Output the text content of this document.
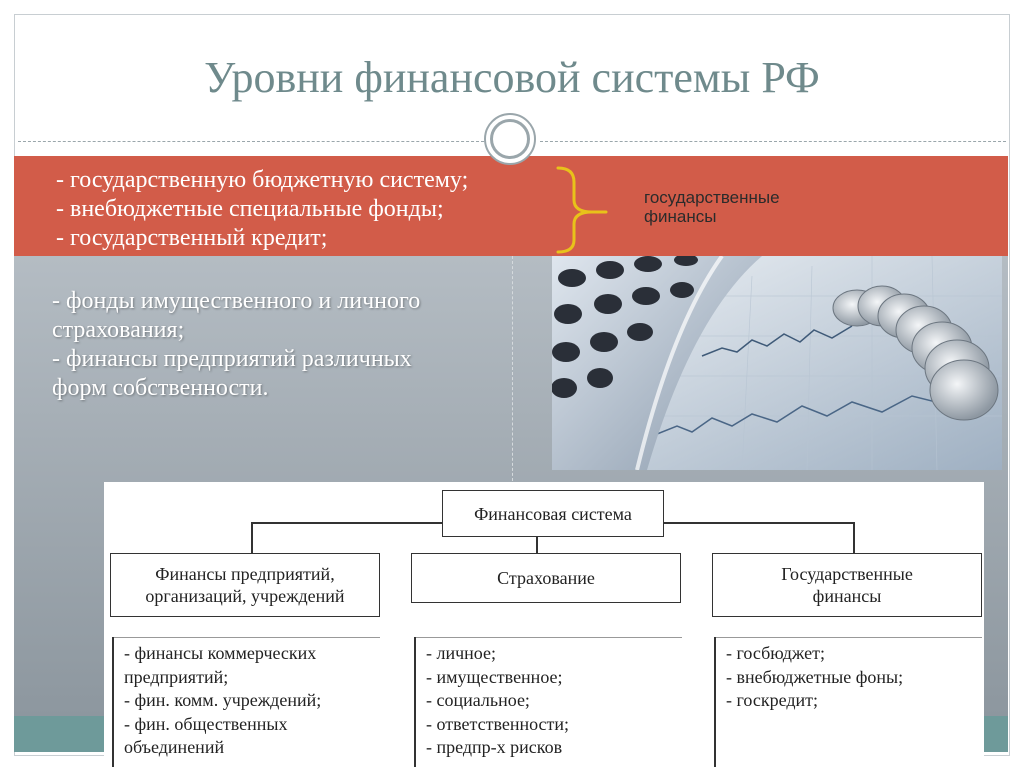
Уровни финансовой системы РФ
- государственную бюджетную систему;
- внебюджетные специальные фонды;
- государственный кредит;
государственные
финансы
- фонды имущественного и личного
страхования;
- финансы предприятий различных
форм собственности.
Финансовая система
Финансы предприятий,
организаций, учреждений
Страхование	Государственные
финансы
- финансы коммерческих
предприятий;
- фин. комм. учреждений;
- фин. общественных
объединений
- личное;
- имущественное;
- социальное;
- ответственности;
- предпр-х рисков
- госбюджет;
- внебюджетные фоны;
- госкредит;
